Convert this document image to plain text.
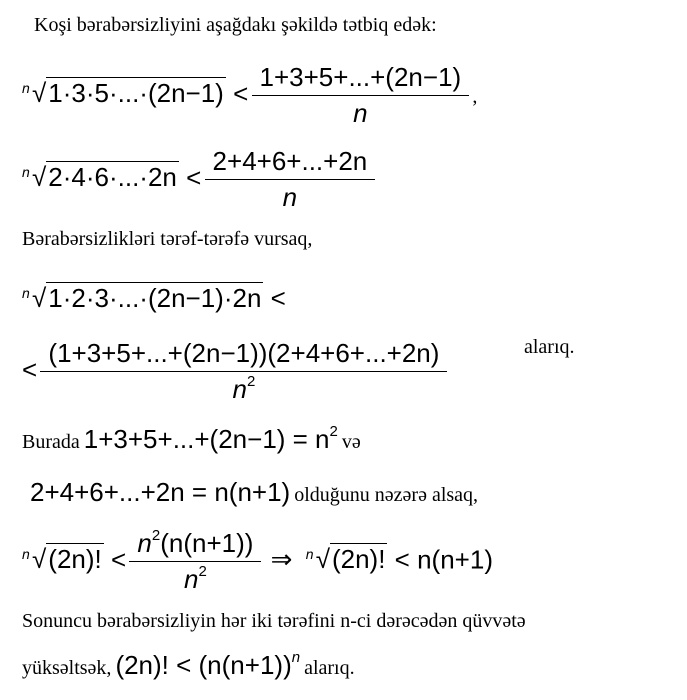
Koşi bərabərsizliyini aşağdakı şəkildə tətbiq edək:
n $√1\cdot 3\cdot 5\cdot...\cdot(2n-1) < \frac{1+3+5+...+(2n-1)}{n}$ ,
n $√2\cdot 4\cdot 6\cdot...\cdot 2n < \frac{2+4+6+...+2n}{n}$
Bərabərsizlikləri tərəf-tərəfə vursaq,
n √1·2·3·...·(2n−1)·2n <
< $\frac{(1+3+5+...+(2n-1))(2+4+6+...+2n)}{n^2}$	alarıq.
Burada 1+3+5+...+(2n−1) = n2 və
2+4+6+...+2n = n(n+1) olduğunu nəzərə alsaq,
n √(2n)! < $\frac{n^2(n(n+1))}{n^2}$ ⇒ n √(2n)! < n(n+1)
Sonuncu bərabərsizliyin hər iki tərəfini n-ci dərəcədən qüvvətə
yüksəltsək, (2n)! < (n(n+1))n alarıq.
